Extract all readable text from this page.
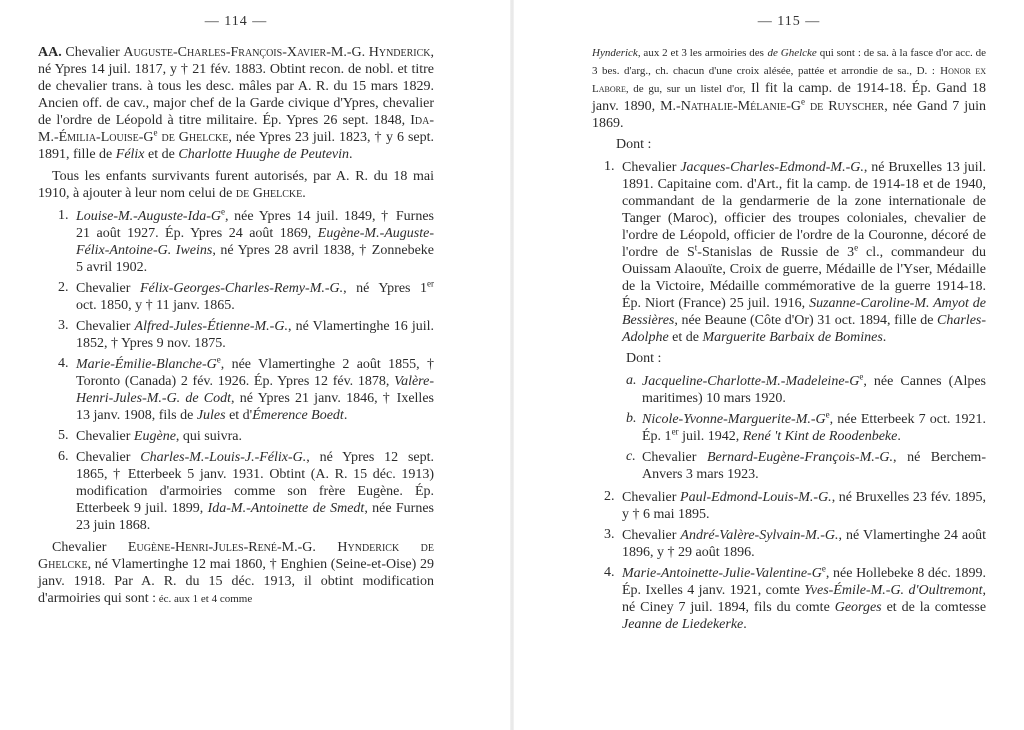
— 114 —

AA. Chevalier Auguste-Charles-François-Xavier-M.-G. Hynderick, né Ypres 14 juil. 1817, y † 21 fév. 1883. Obtint recon. de nobl. et titre de chevalier trans. à tous les desc. mâles par A. R. du 15 mars 1829. Ancien off. de cav., major chef de la Garde civique d'Ypres, chevalier de l'ordre de Léopold à titre militaire. Ép. Ypres 26 sept. 1848, Ida-$M.-Émilia-Louise-G^e$ de Ghelcke, née Ypres 23 juil. 1823, † y 6 sept. 1891, fille de Félix et de Charlotte Huughe de Peutevin.

Tous les enfants survivants furent autorisés, par A. R. du 18 mai 1910, à ajouter à leur nom celui de de Ghelcke.

1. Louise-$M.-Auguste-Ida-G^e$, née Ypres 14 juil. 1849, † Furnes 21 août 1927. Ép. Ypres 24 août 1869, Eugène-M.-Auguste-Félix-Antoine-G. Iweins, né Ypres 28 avril 1838, † Zonnebeke 5 avril 1902.

2. Chevalier Félix-Georges-Charles-Remy-M.-G., né Ypres 1er oct. 1850, y † 11 janv. 1865.

3. Chevalier Alfred-Jules-Étienne-M.-G., né Vlamertinghe 16 juil. 1852, † Ypres 9 nov. 1875.

4. Marie-$Émilie-Blanche-G^e$, née Vlamertinghe 2 août 1855, † Toronto (Canada) 2 fév. 1926. Ép. Ypres 12 fév. 1878, Valère-Henri-Jules-M.-G. de Codt, né Ypres 21 janv. 1846, † Ixelles 13 janv. 1908, fils de Jules et d'Émerence Boedt.

5. Chevalier Eugène, qui suivra.

6. Chevalier Charles-M.-Louis-J.-Félix-G., né Ypres 12 sept. 1865, † Etterbeek 5 janv. 1931. Obtint (A. R. 15 déc. 1913) modification d'armoiries comme son frère Eugène. Ép. Etterbeek 9 juil. 1899, Ida-M.-Antoinette de Smedt, née Furnes 23 juin 1868.

Chevalier Eugène-Henri-Jules-René-M.-G. Hynderick de Ghelcke, né Vlamertinghe 12 mai 1860, † Enghien (Seine-et-Oise) 29 janv. 1918. Par A. R. du 15 déc. 1913, il obtint modification d'armoiries qui sont : éc. aux 1 et 4 comme

— 115 —

Hynderick, aux 2 et 3 les armoiries des de Ghelcke qui sont : de sa. à la fasce d'or acc. de 3 bes. d'arg., ch. chacun d'une croix alésée, pattée et arrondie de sa., D. : Honor ex Labore, de gu, sur un listel d'or, Il fit la camp. de 1914-18. Ép. Gand 18 janv. 1890, $M.-Nathalie-Mélanie-G^e$ de Ruyscher, née Gand 7 juin 1869.

Dont :

1. Chevalier Jacques-Charles-Edmond-M.-G., né Bruxelles 13 juil. 1891. Capitaine com. d'Art., fit la camp. de 1914-18 et de 1940, commandant de la gendarmerie de la zone internationale de Tanger (Maroc), officier des troupes coloniales, chevalier de l'ordre de Léopold, officier de l'ordre de la Couronne, décoré de l'ordre de $S^t$-Stanislas de Russie de 3e cl., commandeur du Ouissam Alaouïte, Croix de guerre, Médaille de l'Yser, Médaille de la Victoire, Médaille commémorative de la guerre 1914-18. Ép. Niort (France) 25 juil. 1916, Suzanne-Caroline-M. Amyot de Bessières, née Beaune (Côte d'Or) 31 oct. 1894, fille de Charles-Adolphe et de Marguerite Barbaix de Bomines.

Dont :

a. Jacqueline-$Charlotte-M.-Madeleine-G^e$, née Cannes (Alpes maritimes) 10 mars 1920.

b. Nicole-$Yvonne-Marguerite-M.-G^e$, née Etterbeek 7 oct. 1921. Ép. 1er juil. 1942, René 't Kint de Roodenbeke.

c. Chevalier Bernard-Eugène-François-M.-G., né Berchem-Anvers 3 mars 1923.

2. Chevalier Paul-Edmond-Louis-M.-G., né Bruxelles 23 fév. 1895, y † 6 mai 1895.

3. Chevalier André-Valère-Sylvain-M.-G., né Vlamertinghe 24 août 1896, y † 29 août 1896.

4. Marie-$Antoinette-Julie-Valentine-G^e$, née Hollebeke 8 déc. 1899. Ép. Ixelles 4 janv. 1921, comte Yves-Émile-M.-G. d'Oultremont, né Ciney 7 juil. 1894, fils du comte Georges et de la comtesse Jeanne de Liedekerke.
